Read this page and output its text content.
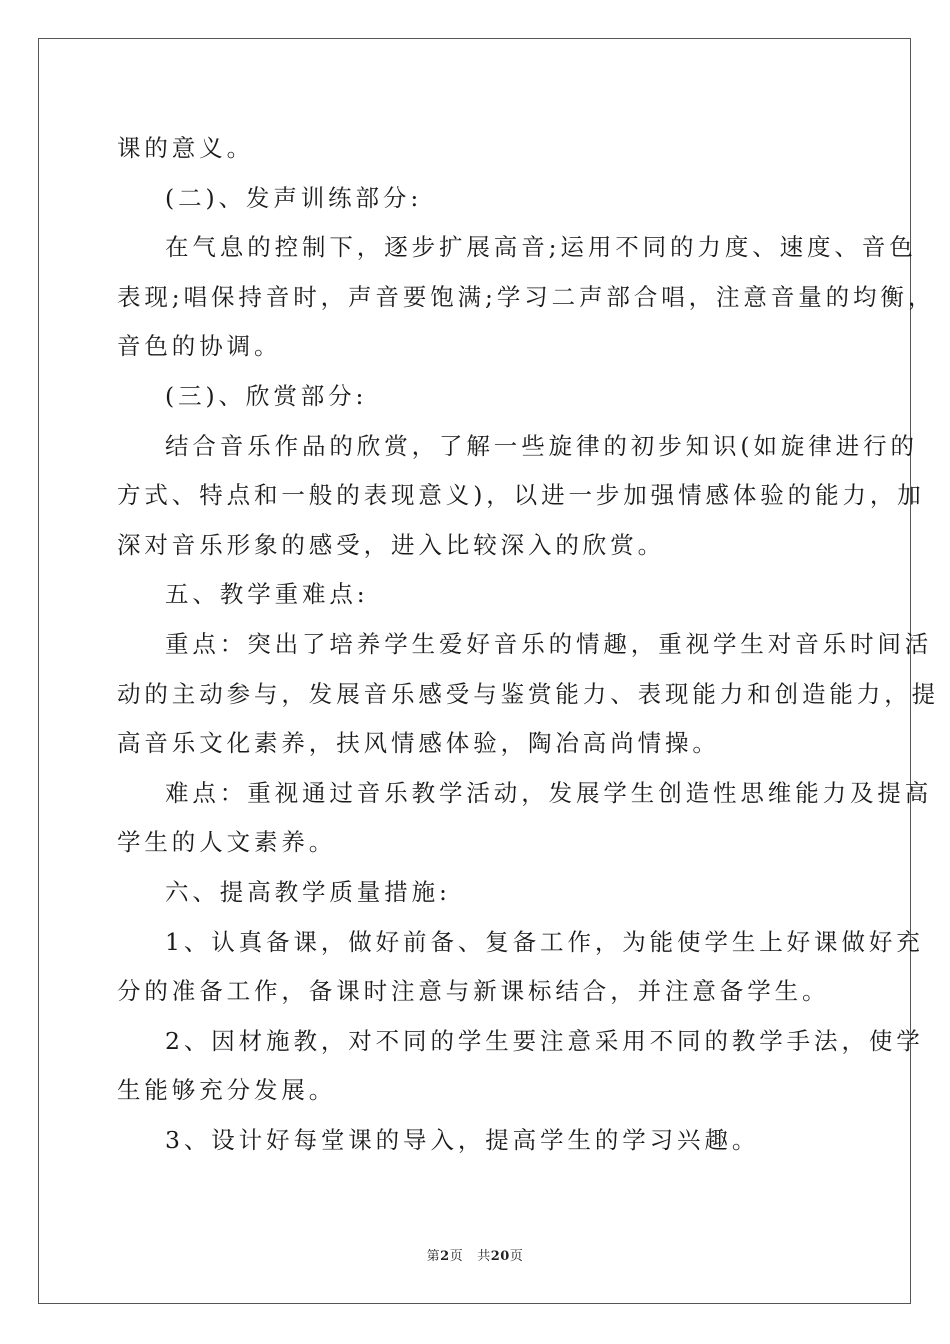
课的意义。

(二)、发声训练部分:

在气息的控制下，逐步扩展高音;运用不同的力度、速度、音色
表现;唱保持音时，声音要饱满;学习二声部合唱，注意音量的均衡，
音色的协调。

(三)、欣赏部分:

结合音乐作品的欣赏，了解一些旋律的初步知识(如旋律进行的
方式、特点和一般的表现意义)，以进一步加强情感体验的能力，加
深对音乐形象的感受，进入比较深入的欣赏。

五、教学重难点:

重点：突出了培养学生爱好音乐的情趣，重视学生对音乐时间活
动的主动参与，发展音乐感受与鉴赏能力、表现能力和创造能力，提
高音乐文化素养，扶风情感体验，陶冶高尚情操。

难点：重视通过音乐教学活动，发展学生创造性思维能力及提高
学生的人文素养。

六、提高教学质量措施:

1、认真备课，做好前备、复备工作，为能使学生上好课做好充
分的准备工作，备课时注意与新课标结合，并注意备学生。

2、因材施教，对不同的学生要注意采用不同的教学手法，使学
生能够充分发展。

3、设计好每堂课的导入，提高学生的学习兴趣。

第2页 共20页
